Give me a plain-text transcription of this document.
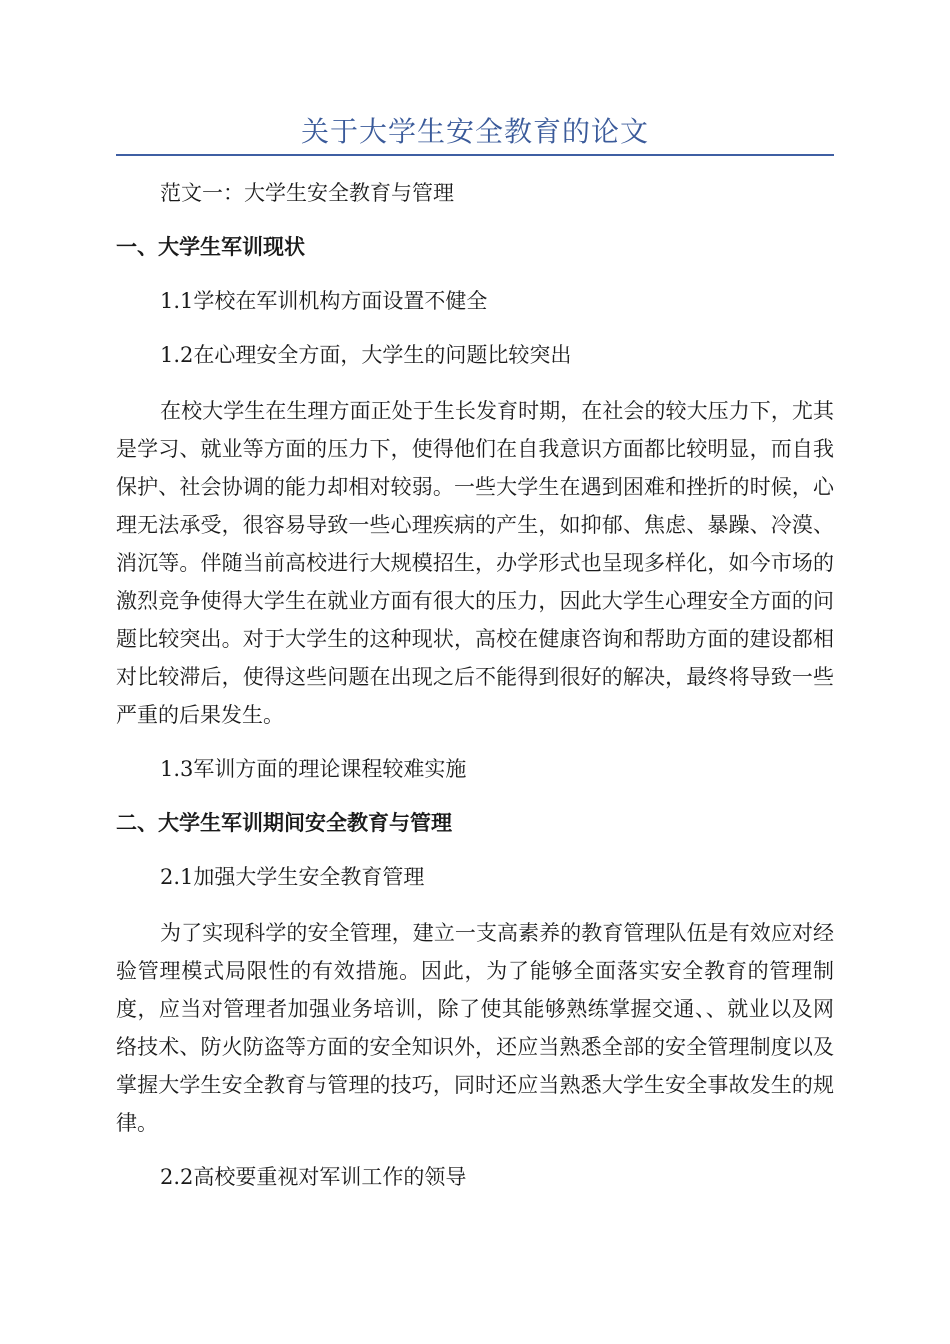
关于大学生安全教育的论文
范文一：大学生安全教育与管理
一、大学生军训现状
1.1学校在军训机构方面设置不健全
1.2在心理安全方面，大学生的问题比较突出
在校大学生在生理方面正处于生长发育时期，在社会的较大压力下，尤其是学习、就业等方面的压力下，使得他们在自我意识方面都比较明显，而自我保护、社会协调的能力却相对较弱。一些大学生在遇到困难和挫折的时候，心理无法承受，很容易导致一些心理疾病的产生，如抑郁、焦虑、暴躁、冷漠、消沉等。伴随当前高校进行大规模招生，办学形式也呈现多样化，如今市场的激烈竞争使得大学生在就业方面有很大的压力，因此大学生心理安全方面的问题比较突出。对于大学生的这种现状，高校在健康咨询和帮助方面的建设都相对比较滞后，使得这些问题在出现之后不能得到很好的解决，最终将导致一些严重的后果发生。
1.3军训方面的理论课程较难实施
二、大学生军训期间安全教育与管理
2.1加强大学生安全教育管理
为了实现科学的安全管理，建立一支高素养的教育管理队伍是有效应对经验管理模式局限性的有效措施。因此，为了能够全面落实安全教育的管理制度，应当对管理者加强业务培训，除了使其能够熟练掌握交通、、就业以及网络技术、防火防盗等方面的安全知识外，还应当熟悉全部的安全管理制度以及掌握大学生安全教育与管理的技巧，同时还应当熟悉大学生安全事故发生的规律。
2.2高校要重视对军训工作的领导
